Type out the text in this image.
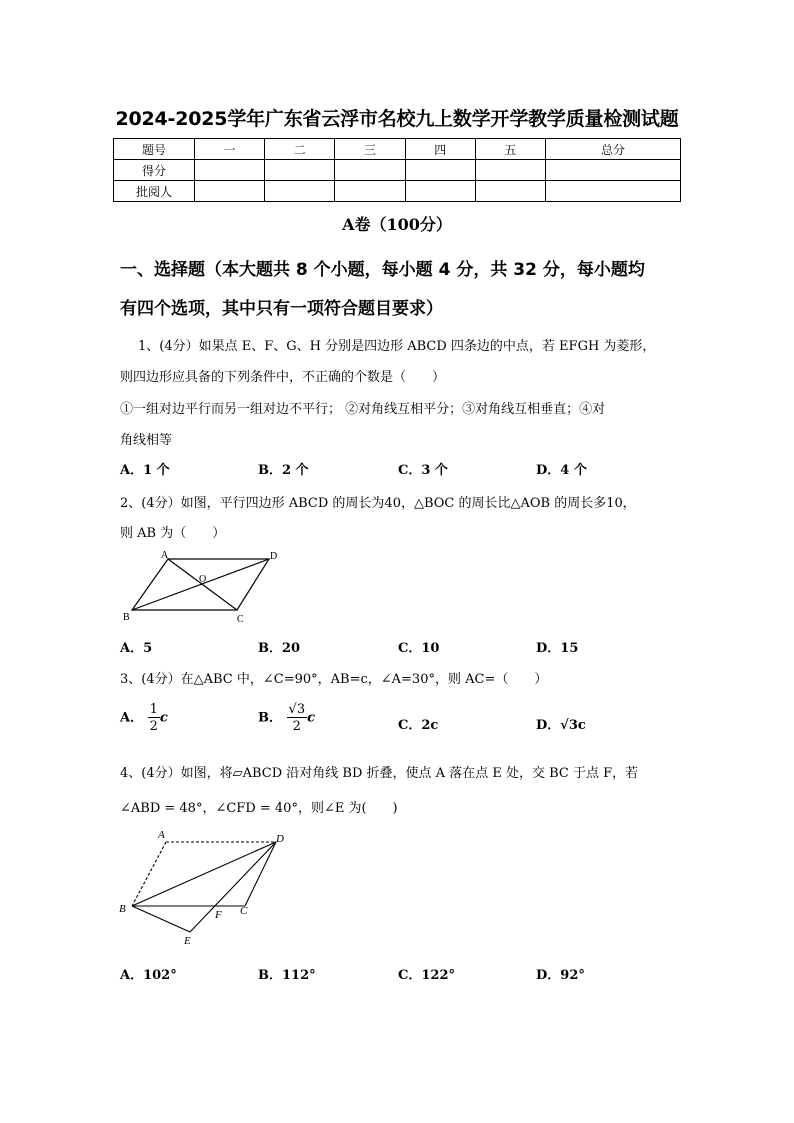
2024-2025学年广东省云浮市名校九上数学开学教学质量检测试题
题号	一	二	三	四	五	总分
得分						
批阅人						
A卷（100分）
一、选择题（本大题共 8 个小题，每小题 4 分，共 32 分，每小题均
有四个选项，其中只有一项符合题目要求）
1、(4分）如果点 E、F、G、H 分别是四边形 ABCD 四条边的中点，若 EFGH 为菱形，
则四边形应具备的下列条件中，不正确的个数是（　　）
①一组对边平行而另一组对边不平行； ②对角线互相平分；③对角线互相垂直；④对
角线相等
A．1 个	B．2 个	C．3 个	D．4 个
2、(4分）如图，平行四边形 ABCD 的周长为40，△BOC 的周长比△AOB 的周长多10，
则 AB 为（　　）
A	D
O
B	C
A．5	B．20	C．10	D．15
3、(4分）在△ABC 中，∠C=90°，AB=c，∠A=30°，则 AC=（　　）
A． $\frac{1}{2}$ c	B． $\frac{√3}{2}$ c	C．2c	D．√3c
4、(4分）如图，将▱ABCD 沿对角线 BD 折叠，使点 A 落在点 E 处，交 BC 于点 F，若
∠ABD = 48°，∠CFD = 40°，则∠E 为(　　)
A	D
B	F C
E
A．102°	B．112°	C．122°	D．92°
